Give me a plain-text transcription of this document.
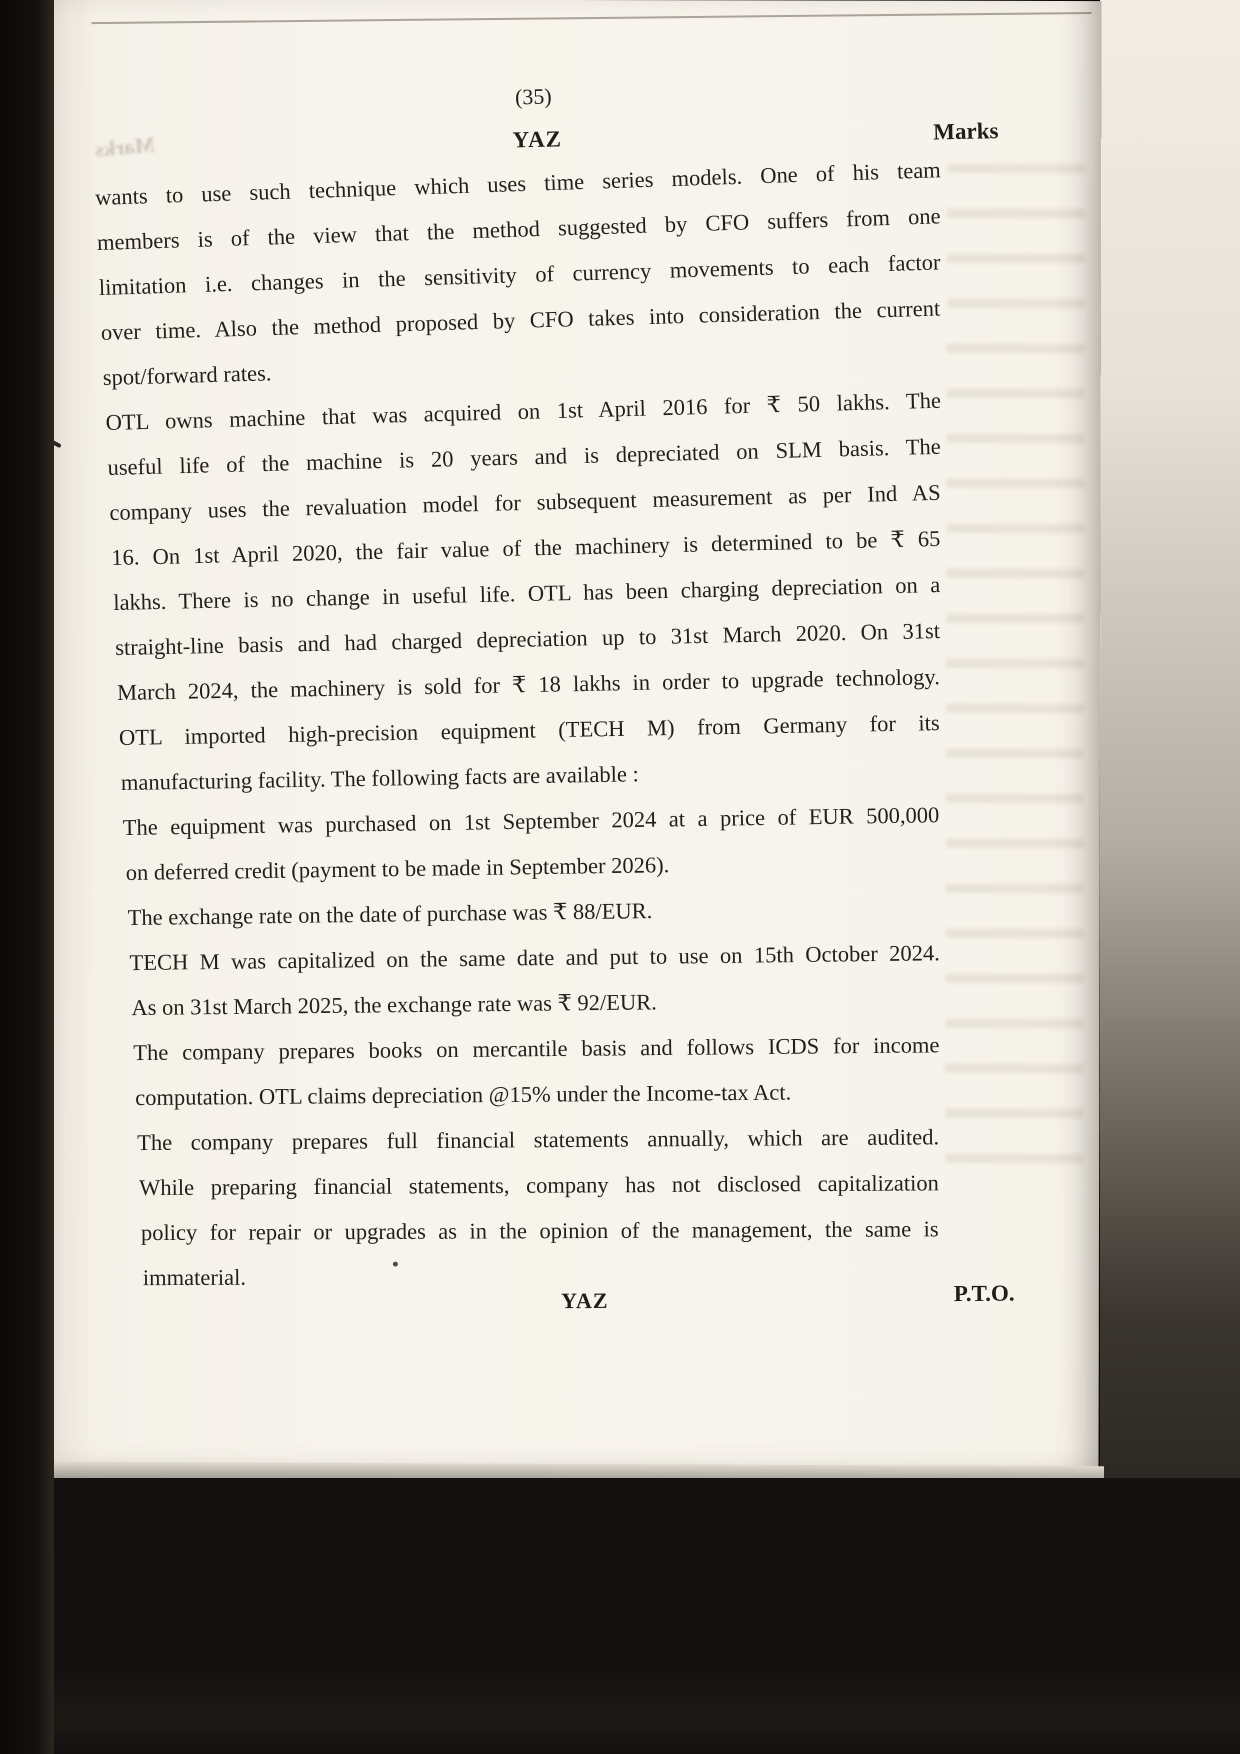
Marks
(35)
YAZ	Marks
wants to use such technique which uses time series models. One of his team
members is of the view that the method suggested by CFO suffers from one
limitation i.e. changes in the sensitivity of currency movements to each factor
over time. Also the method proposed by CFO takes into consideration the current
spot/forward rates.
OTL owns machine that was acquired on 1st April 2016 for ₹ 50 lakhs. The
useful life of the machine is 20 years and is depreciated on SLM basis. The
company uses the revaluation model for subsequent measurement as per Ind AS
16. On 1st April 2020, the fair value of the machinery is determined to be ₹ 65
lakhs. There is no change in useful life. OTL has been charging depreciation on a
straight-line basis and had charged depreciation up to 31st March 2020. On 31st
March 2024, the machinery is sold for ₹ 18 lakhs in order to upgrade technology.
OTL imported high-precision equipment (TECH M) from Germany for its
manufacturing facility. The following facts are available :
The equipment was purchased on 1st September 2024 at a price of EUR 500,000
on deferred credit (payment to be made in September 2026).
The exchange rate on the date of purchase was ₹ 88/EUR.
TECH M was capitalized on the same date and put to use on 15th October 2024.
As on 31st March 2025, the exchange rate was ₹ 92/EUR.
The company prepares books on mercantile basis and follows ICDS for income
computation. OTL claims depreciation @15% under the Income-tax Act.
The company prepares full financial statements annually, which are audited.
While preparing financial statements, company has not disclosed capitalization
policy for repair or upgrades as in the opinion of the management, the same is
immaterial.
YAZ	P.T.O.
